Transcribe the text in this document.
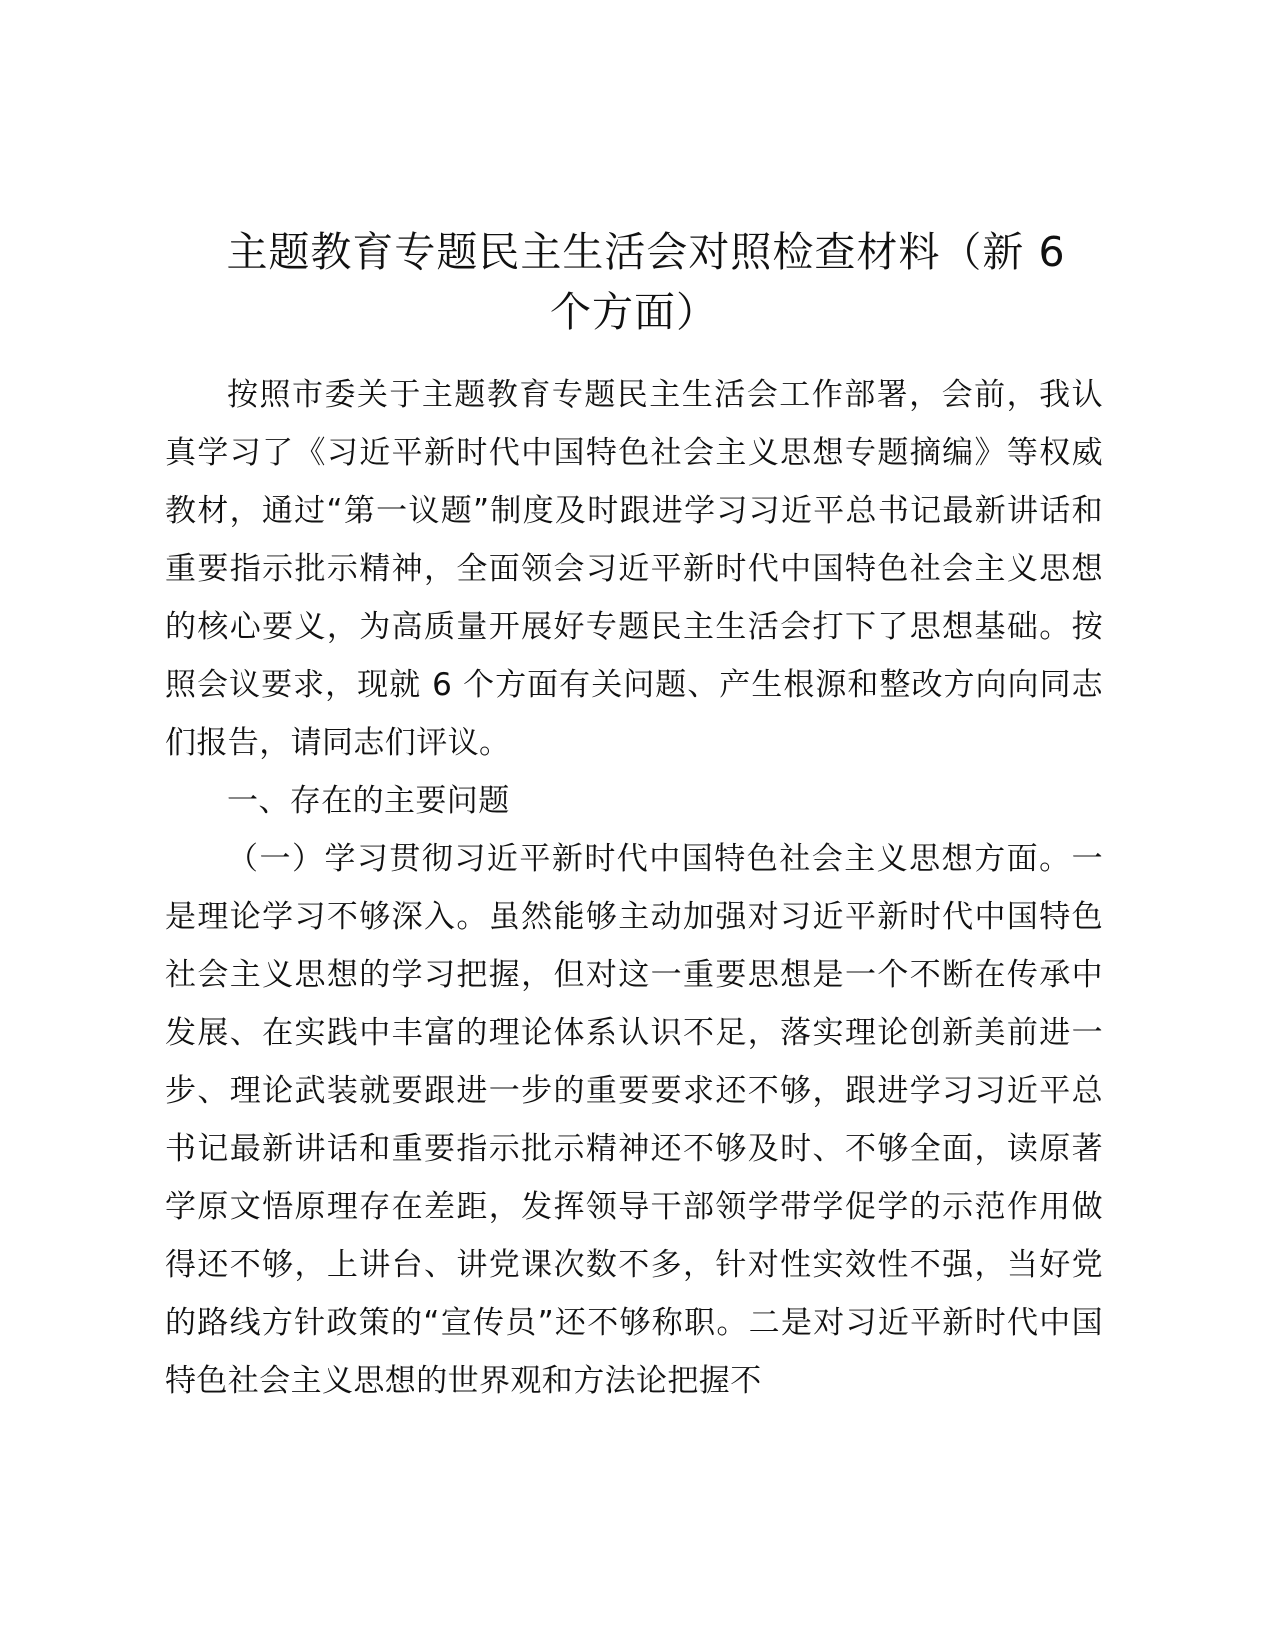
主题教育专题民主生活会对照检查材料（新 6
个方面）

按照市委关于主题教育专题民主生活会工作部署，会前，我认真学习了《习近平新时代中国特色社会主义思想专题摘编》等权威教材，通过“第一议题”制度及时跟进学习习近平总书记最新讲话和重要指示批示精神，全面领会习近平新时代中国特色社会主义思想的核心要义，为高质量开展好专题民主生活会打下了思想基础。按照会议要求，现就 6 个方面有关问题、产生根源和整改方向向同志们报告，请同志们评议。

一、存在的主要问题

（一）学习贯彻习近平新时代中国特色社会主义思想方面。一是理论学习不够深入。虽然能够主动加强对习近平新时代中国特色社会主义思想的学习把握，但对这一重要思想是一个不断在传承中发展、在实践中丰富的理论体系认识不足，落实理论创新美前进一步、理论武装就要跟进一步的重要要求还不够，跟进学习习近平总书记最新讲话和重要指示批示精神还不够及时、不够全面，读原著学原文悟原理存在差距，发挥领导干部领学带学促学的示范作用做得还不够，上讲台、讲党课次数不多，针对性实效性不强，当好党的路线方针政策的“宣传员”还不够称职。二是对习近平新时代中国特色社会主义思想的世界观和方法论把握不
